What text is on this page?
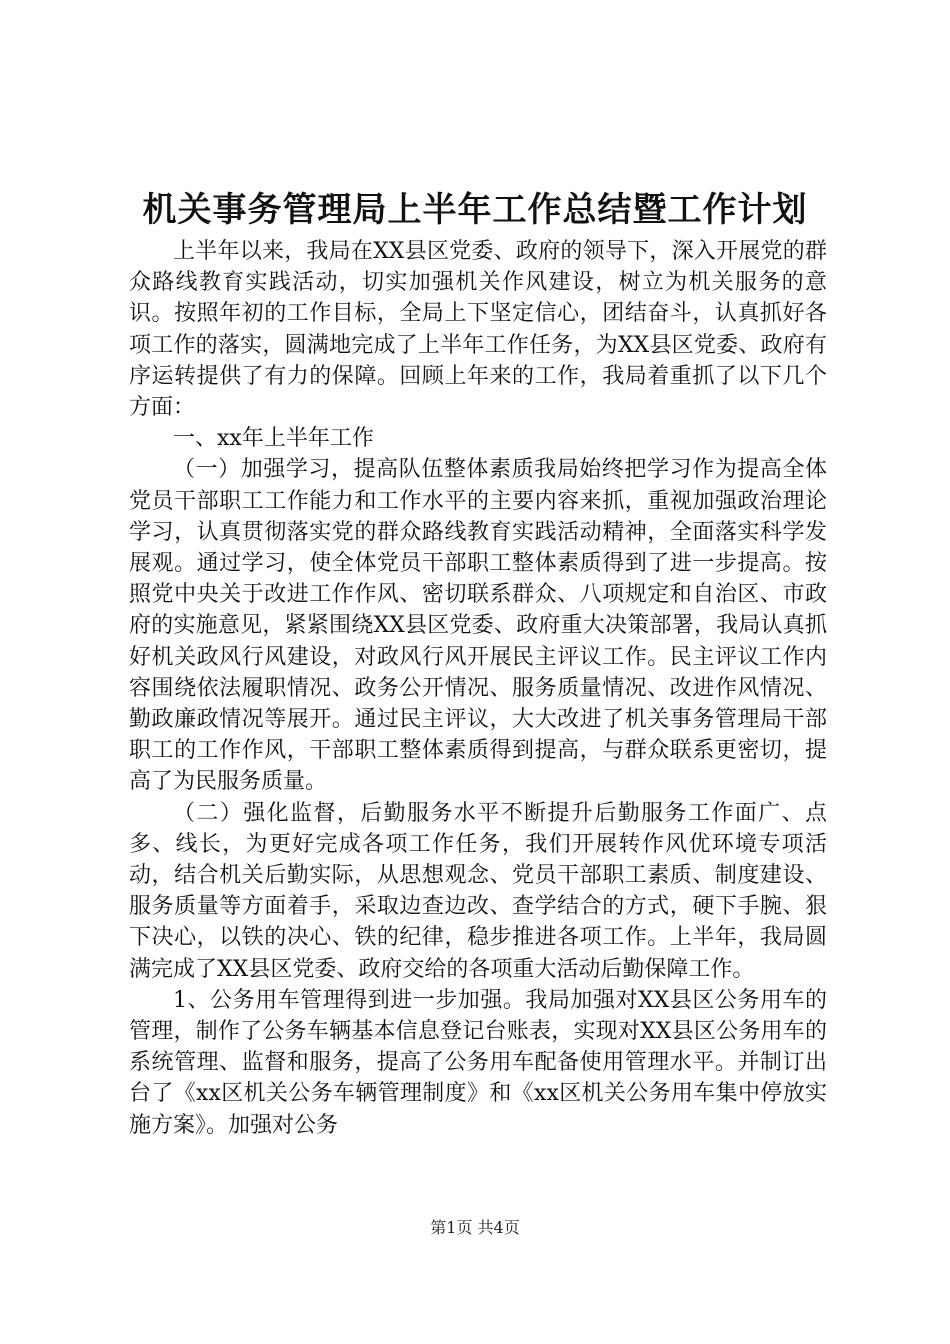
机关事务管理局上半年工作总结暨工作计划

上半年以来，我局在XX县区党委、政府的领导下，深入开展党的群众路线教育实践活动，切实加强机关作风建设，树立为机关服务的意识。按照年初的工作目标，全局上下坚定信心，团结奋斗，认真抓好各项工作的落实，圆满地完成了上半年工作任务，为XX县区党委、政府有序运转提供了有力的保障。回顾上年来的工作，我局着重抓了以下几个方面：

一、xx年上半年工作

（一）加强学习，提高队伍整体素质我局始终把学习作为提高全体党员干部职工工作能力和工作水平的主要内容来抓，重视加强政治理论学习，认真贯彻落实党的群众路线教育实践活动精神，全面落实科学发展观。通过学习，使全体党员干部职工整体素质得到了进一步提高。按照党中央关于改进工作作风、密切联系群众、八项规定和自治区、市政府的实施意见，紧紧围绕XX县区党委、政府重大决策部署，我局认真抓好机关政风行风建设，对政风行风开展民主评议工作。民主评议工作内容围绕依法履职情况、政务公开情况、服务质量情况、改进作风情况、勤政廉政情况等展开。通过民主评议，大大改进了机关事务管理局干部职工的工作作风，干部职工整体素质得到提高，与群众联系更密切，提高了为民服务质量。

（二）强化监督，后勤服务水平不断提升后勤服务工作面广、点多、线长，为更好完成各项工作任务，我们开展转作风优环境专项活动，结合机关后勤实际，从思想观念、党员干部职工素质、制度建设、服务质量等方面着手，采取边查边改、查学结合的方式，硬下手腕、狠下决心，以铁的决心、铁的纪律，稳步推进各项工作。上半年，我局圆满完成了XX县区党委、政府交给的各项重大活动后勤保障工作。

1、公务用车管理得到进一步加强。我局加强对XX县区公务用车的管理，制作了公务车辆基本信息登记台账表，实现对XX县区公务用车的系统管理、监督和服务，提高了公务用车配备使用管理水平。并制订出台了《xx区机关公务车辆管理制度》和《xx区机关公务用车集中停放实施方案》。加强对公务

第1页 共4页
